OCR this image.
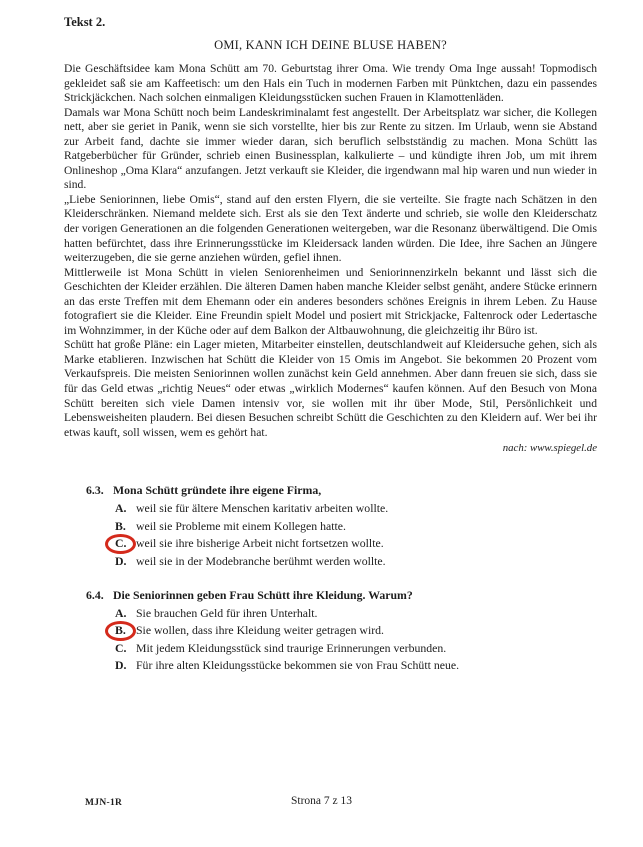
Tekst 2.

OMI, KANN ICH DEINE BLUSE HABEN?

Die Geschäftsidee kam Mona Schütt am 70. Geburtstag ihrer Oma. Wie trendy Oma Inge aussah! Topmodisch gekleidet saß sie am Kaffeetisch: um den Hals ein Tuch in modernen Farben mit Pünktchen, dazu ein passendes Strickjäckchen. Nach solchen einmaligen Kleidungsstücken suchen Frauen in Klamottenläden.

Damals war Mona Schütt noch beim Landeskriminalamt fest angestellt. Der Arbeitsplatz war sicher, die Kollegen nett, aber sie geriet in Panik, wenn sie sich vorstellte, hier bis zur Rente zu sitzen. Im Urlaub, wenn sie Abstand zur Arbeit fand, dachte sie immer wieder daran, sich beruflich selbstständig zu machen. Mona Schütt las Ratgeberbücher für Gründer, schrieb einen Businessplan, kalkulierte – und kündigte ihren Job, um mit ihrem Onlineshop „Oma Klara“ anzufangen. Jetzt verkauft sie Kleider, die irgendwann mal hip waren und nun wieder in sind.

„Liebe Seniorinnen, liebe Omis“, stand auf den ersten Flyern, die sie verteilte. Sie fragte nach Schätzen in den Kleiderschränken. Niemand meldete sich. Erst als sie den Text änderte und schrieb, sie wolle den Kleiderschatz der vorigen Generationen an die folgenden Generationen weitergeben, war die Resonanz überwältigend. Die Omis hatten befürchtet, dass ihre Erinnerungsstücke im Kleidersack landen würden. Die Idee, ihre Sachen an Jüngere weiterzugeben, die sie gerne anziehen würden, gefiel ihnen.

Mittlerweile ist Mona Schütt in vielen Seniorenheimen und Seniorinnenzirkeln bekannt und lässt sich die Geschichten der Kleider erzählen. Die älteren Damen haben manche Kleider selbst genäht, andere Stücke erinnern an das erste Treffen mit dem Ehemann oder ein anderes besonders schönes Ereignis in ihrem Leben. Zu Hause fotografiert sie die Kleider. Eine Freundin spielt Model und posiert mit Strickjacke, Faltenrock oder Ledertasche im Wohnzimmer, in der Küche oder auf dem Balkon der Altbauwohnung, die gleichzeitig ihr Büro ist.

Schütt hat große Pläne: ein Lager mieten, Mitarbeiter einstellen, deutschlandweit auf Kleidersuche gehen, sich als Marke etablieren. Inzwischen hat Schütt die Kleider von 15 Omis im Angebot. Sie bekommen 20 Prozent vom Verkaufspreis. Die meisten Seniorinnen wollen zunächst kein Geld annehmen. Aber dann freuen sie sich, dass sie für das Geld etwas „richtig Neues“ oder etwas „wirklich Modernes“ kaufen können. Auf den Besuch von Mona Schütt bereiten sich viele Damen intensiv vor, sie wollen mit ihr über Mode, Stil, Persönlichkeit und Lebensweisheiten plaudern. Bei diesen Besuchen schreibt Schütt die Geschichten zu den Kleidern auf. Wer bei ihr etwas kauft, soll wissen, wem es gehört hat.

nach: www.spiegel.de

6.3. Mona Schütt gründete ihre eigene Firma,
A. weil sie für ältere Menschen karitativ arbeiten wollte.
B. weil sie Probleme mit einem Kollegen hatte.
C. weil sie ihre bisherige Arbeit nicht fortsetzen wollte.
D. weil sie in der Modebranche berühmt werden wollte.
6.4. Die Seniorinnen geben Frau Schütt ihre Kleidung. Warum?
A. Sie brauchen Geld für ihren Unterhalt.
B. Sie wollen, dass ihre Kleidung weiter getragen wird.
C. Mit jedem Kleidungsstück sind traurige Erinnerungen verbunden.
D. Für ihre alten Kleidungsstücke bekommen sie von Frau Schütt neue.
MJN-1R	Strona 7 z 13
